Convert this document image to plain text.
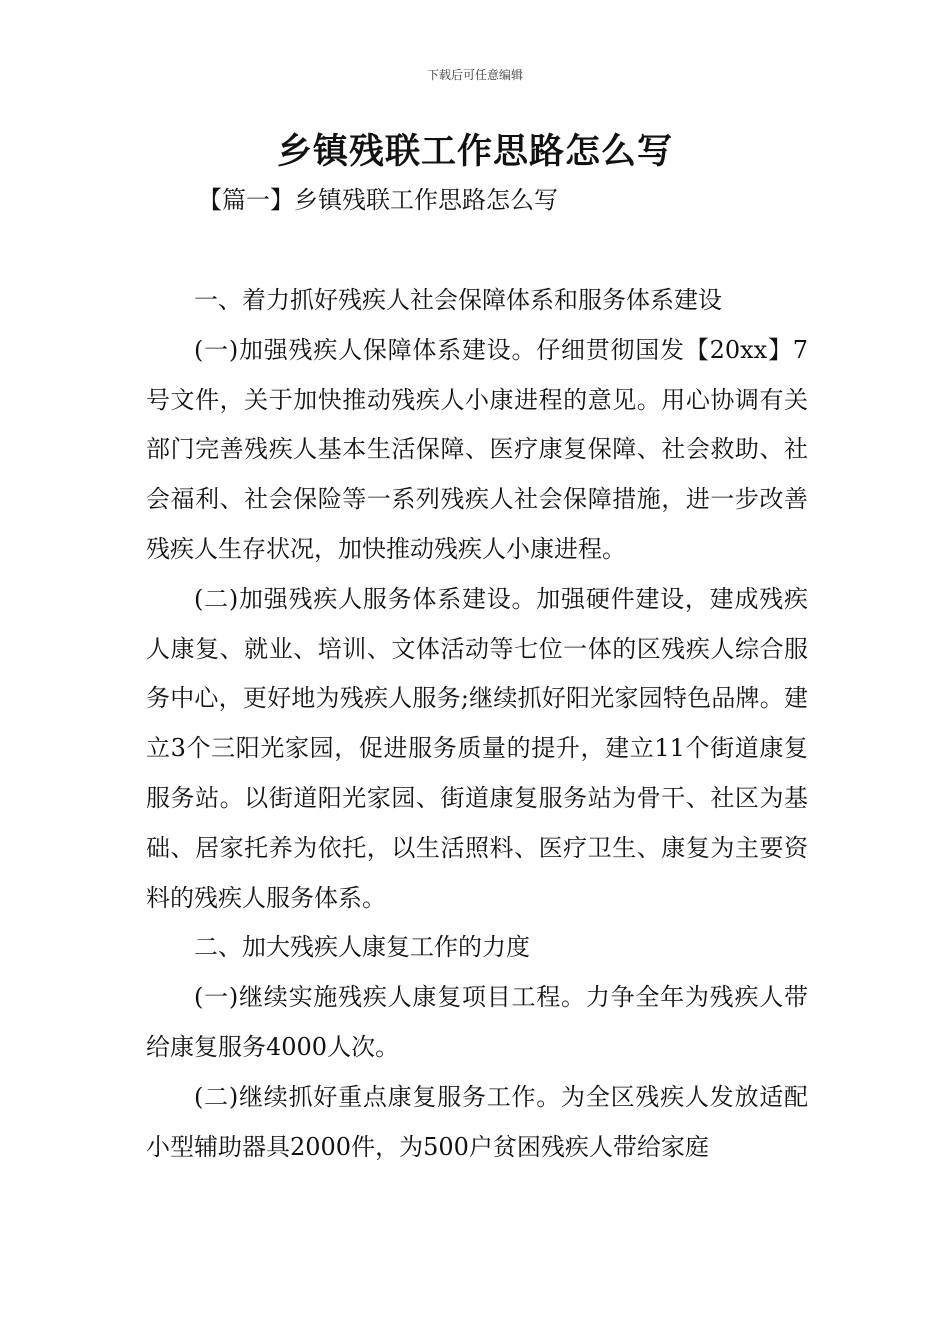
下载后可任意编辑
乡镇残联工作思路怎么写
【篇一】乡镇残联工作思路怎么写

一、着力抓好残疾人社会保障体系和服务体系建设

(一)加强残疾人保障体系建设。仔细贯彻国发【20xx】7号文件，关于加快推动残疾人小康进程的意见。用心协调有关部门完善残疾人基本生活保障、医疗康复保障、社会救助、社会福利、社会保险等一系列残疾人社会保障措施，进一步改善残疾人生存状况，加快推动残疾人小康进程。

(二)加强残疾人服务体系建设。加强硬件建设，建成残疾人康复、就业、培训、文体活动等七位一体的区残疾人综合服务中心，更好地为残疾人服务;继续抓好阳光家园特色品牌。建立3个三阳光家园，促进服务质量的提升，建立11个街道康复服务站。以街道阳光家园、街道康复服务站为骨干、社区为基础、居家托养为依托，以生活照料、医疗卫生、康复为主要资料的残疾人服务体系。

二、加大残疾人康复工作的力度

(一)继续实施残疾人康复项目工程。力争全年为残疾人带给康复服务4000人次。

(二)继续抓好重点康复服务工作。为全区残疾人发放适配小型辅助器具2000件，为500户贫困残疾人带给家庭
